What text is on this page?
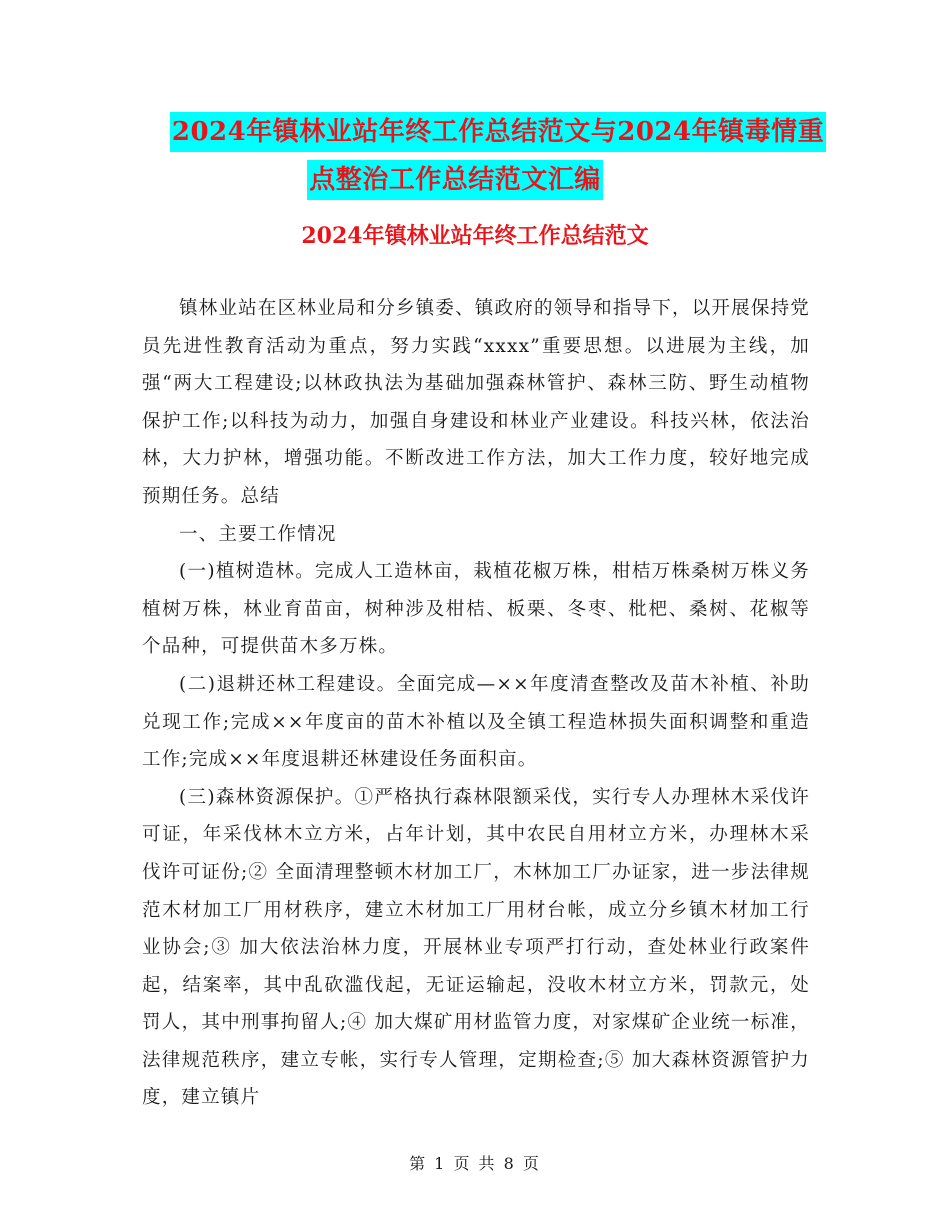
2024年镇林业站年终工作总结范文与2024年镇毒情重
点整治工作总结范文汇编
2024年镇林业站年终工作总结范文

镇林业站在区林业局和分乡镇委、镇政府的领导和指导下，以开展保持党员先进性教育活动为重点，努力实践“xxxx”重要思想。以进展为主线，加强“两大工程建设;以林政执法为基础加强森林管护、森林三防、野生动植物保护工作;以科技为动力，加强自身建设和林业产业建设。科技兴林，依法治林，大力护林，增强功能。不断改进工作方法，加大工作力度，较好地完成预期任务。总结

一、主要工作情况

(一)植树造林。完成人工造林亩，栽植花椒万株，柑桔万株桑树万株义务植树万株，林业育苗亩，树种涉及柑桔、板栗、冬枣、枇杷、桑树、花椒等个品种，可提供苗木多万株。

(二)退耕还林工程建设。全面完成—××年度清查整改及苗木补植、补助兑现工作;完成××年度亩的苗木补植以及全镇工程造林损失面积调整和重造工作;完成××年度退耕还林建设任务面积亩。

(三)森林资源保护。①严格执行森林限额采伐，实行专人办理林木采伐许可证，年采伐林木立方米，占年计划，其中农民自用材立方米，办理林木采伐许可证份;② 全面清理整顿木材加工厂，木林加工厂办证家，进一步法律规范木材加工厂用材秩序，建立木材加工厂用材台帐，成立分乡镇木材加工行业协会;③ 加大依法治林力度，开展林业专项严打行动，查处林业行政案件起，结案率，其中乱砍滥伐起，无证运输起，没收木材立方米，罚款元，处罚人，其中刑事拘留人;④ 加大煤矿用材监管力度，对家煤矿企业统一标准，法律规范秩序，建立专帐，实行专人管理，定期检查;⑤ 加大森林资源管护力度，建立镇片

第 1 页 共 8 页
